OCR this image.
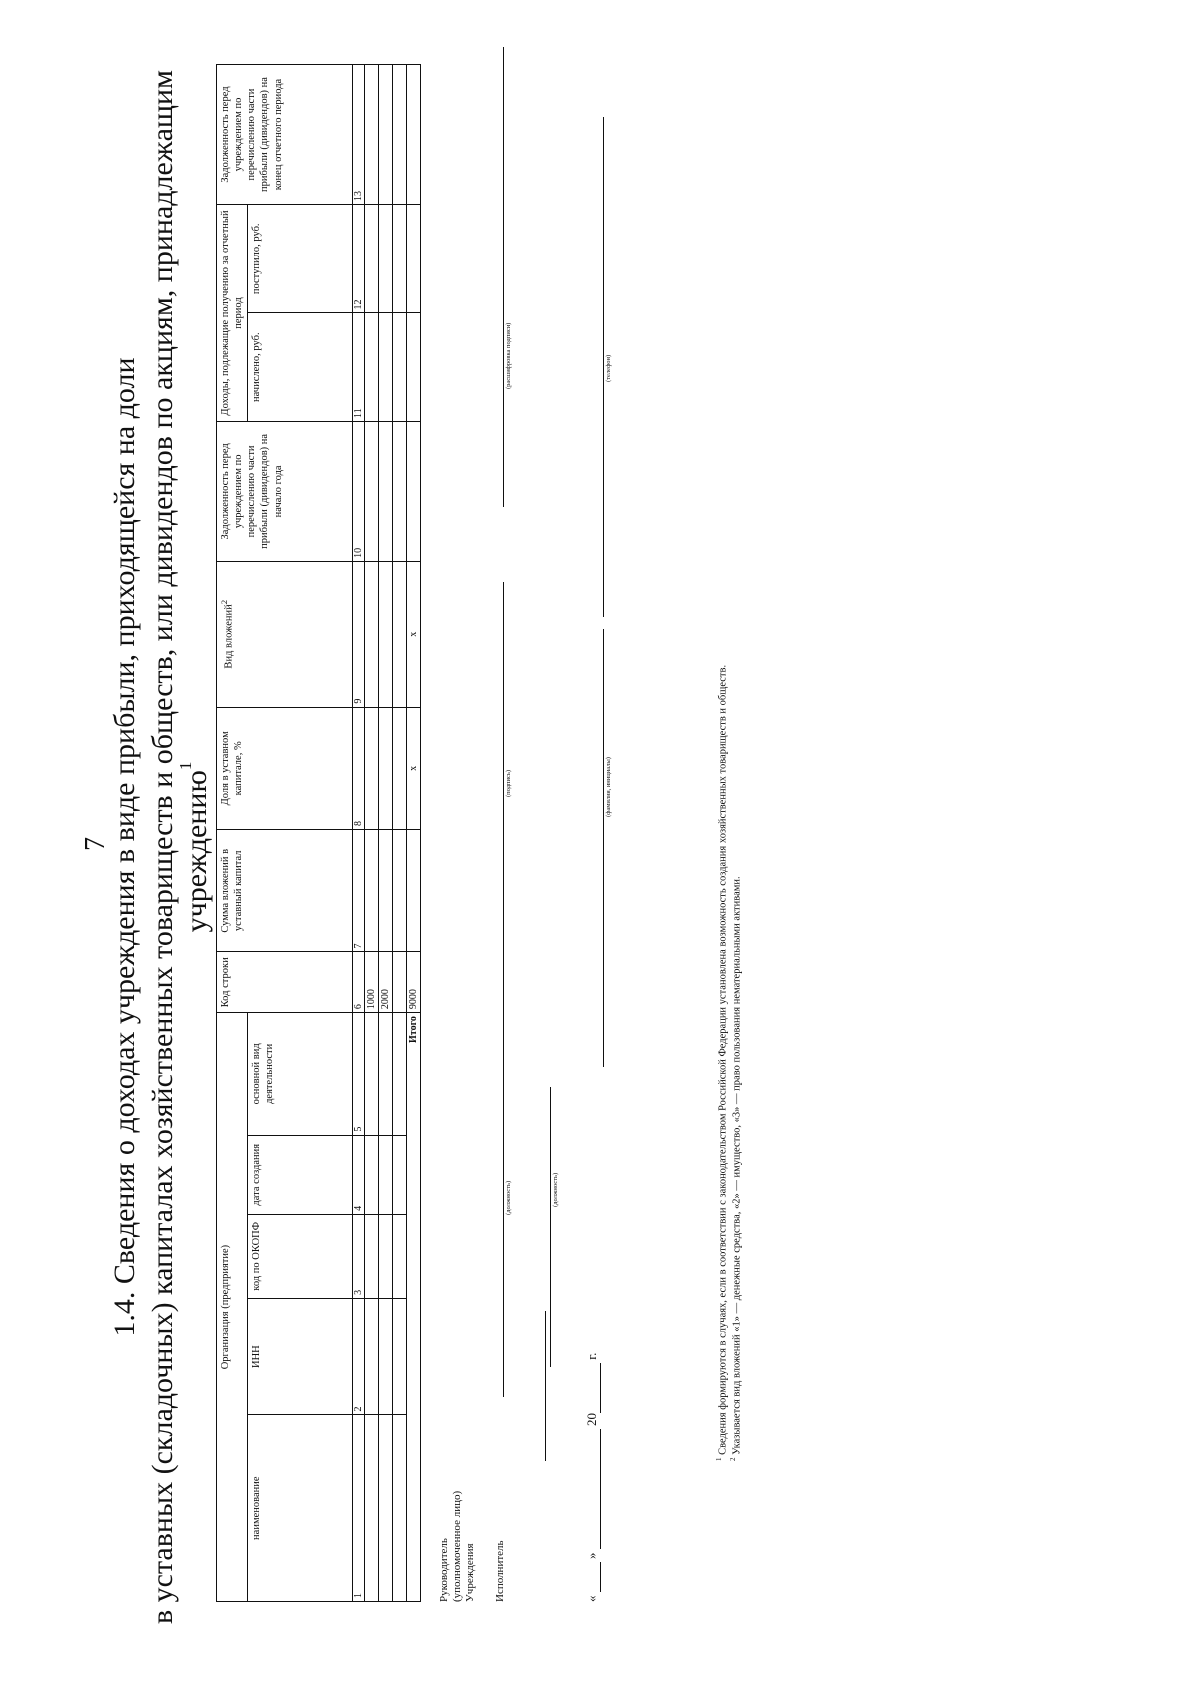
7
1.4. Сведения о доходах учреждения в виде прибыли, приходящейся на доли в уставных (складочных) капиталах хозяйственных товариществ и обществ, или дивидендов по акциям, принадлежащим учреждению$^1$
Организация (предприятие)					Код строки	Сумма вложений в уставный капитал	Доля в уставном капитале, %	Вид вложений$^2$	Задолженность перед учреждением по перечислению части прибыли (дивидендов) на начало года	Доходы, подлежащие получению за отчетный период		Задолженность перед учреждением по перечислению части прибыли (дивидендов) на конец отчетного периода
наименование	ИНН	код по ОКОПФ	дата создания	основной вид деятельности						начислено, руб.	поступило, руб.	
1	2	3	4	5	6	7	8	9	10	11	12	13
					1000							
					2000							

Итого					9000		x	x				
Руководитель (уполномоченное лицо) Учреждения Исполнитель
(должность)	(должность)
(подпись)
(расшифровка подписи)
(фамилия, инициалы)
(телефон)
«   »   20  г.
$^1$ Сведения формируются в случаях, если в соответствии с законодательством Российской Федерации установлена возможность создания хозяйственных товариществ и обществ.
$^2$ Указывается вид вложений «1» — денежные средства, «2» — имущество, «3» — право пользования нематериальными активами.
